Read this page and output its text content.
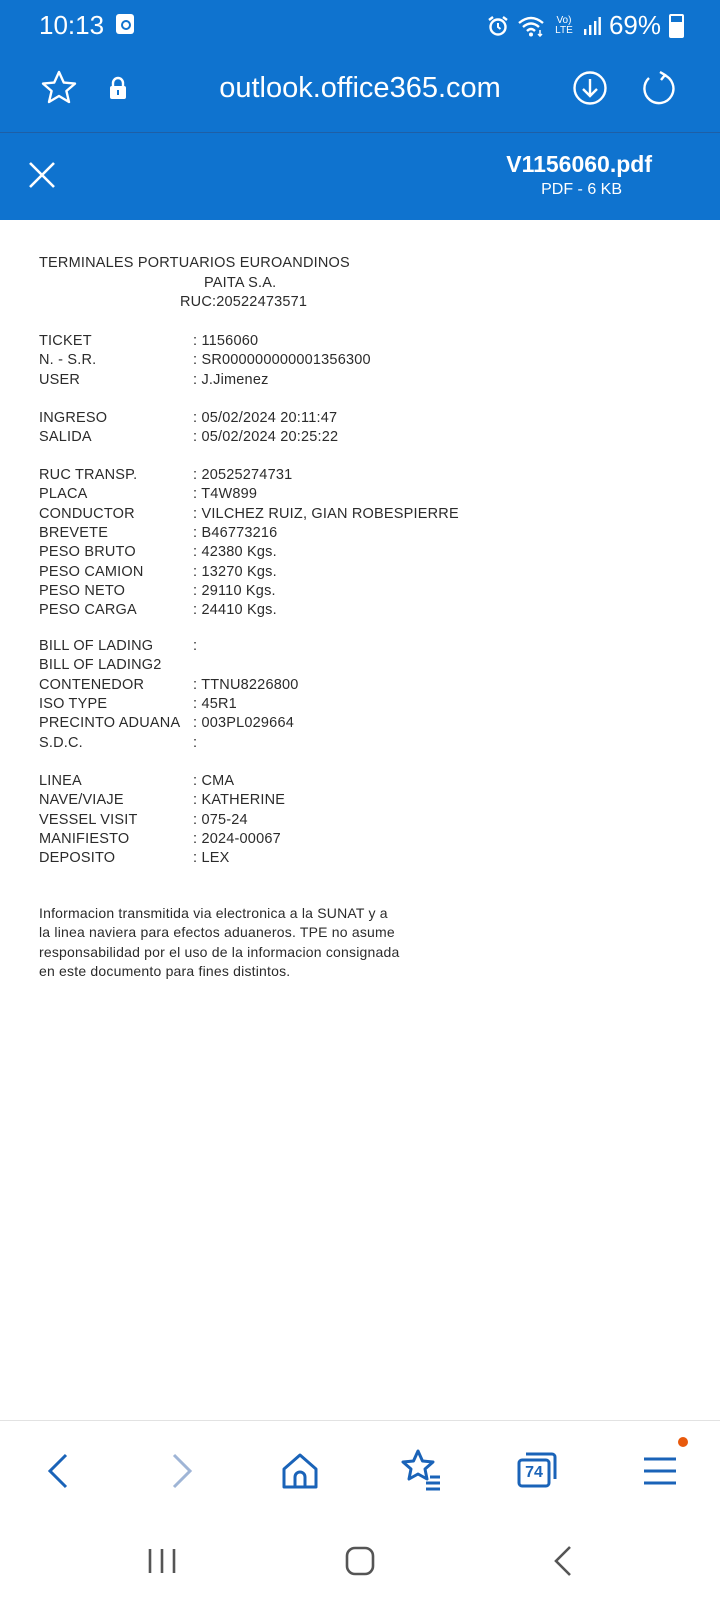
10:13	Vo) LTE 69%
outlook.office365.com
V1156060.pdf
PDF - 6 KB
TERMINALES PORTUARIOS EUROANDINOS
PAITA S.A.
RUC:20522473571
TICKET	: 1156060
N. - S.R.	: SR000000000001356300
USER	: J.Jimenez
INGRESO	: 05/02/2024 20:11:47
SALIDA	: 05/02/2024 20:25:22
RUC TRANSP.	: 20525274731
PLACA	: T4W899
CONDUCTOR	: VILCHEZ RUIZ, GIAN ROBESPIERRE
BREVETE	: B46773216
PESO BRUTO	: 42380 Kgs.
PESO CAMION	: 13270 Kgs.
PESO NETO	: 29110 Kgs.
PESO CARGA	: 24410 Kgs.
BILL OF LADING	:
BILL OF LADING2
CONTENEDOR	: TTNU8226800
ISO TYPE	: 45R1
PRECINTO ADUANA : 003PL029664
S.D.C.	:
LINEA	: CMA
NAVE/VIAJE	: KATHERINE
VESSEL VISIT	: 075-24
MANIFIESTO	: 2024-00067
DEPOSITO	: LEX
Informacion transmitida via electronica a la SUNAT y a
la linea naviera para efectos aduaneros. TPE no asume
responsabilidad por el uso de la informacion consignada
en este documento para fines distintos.
74
